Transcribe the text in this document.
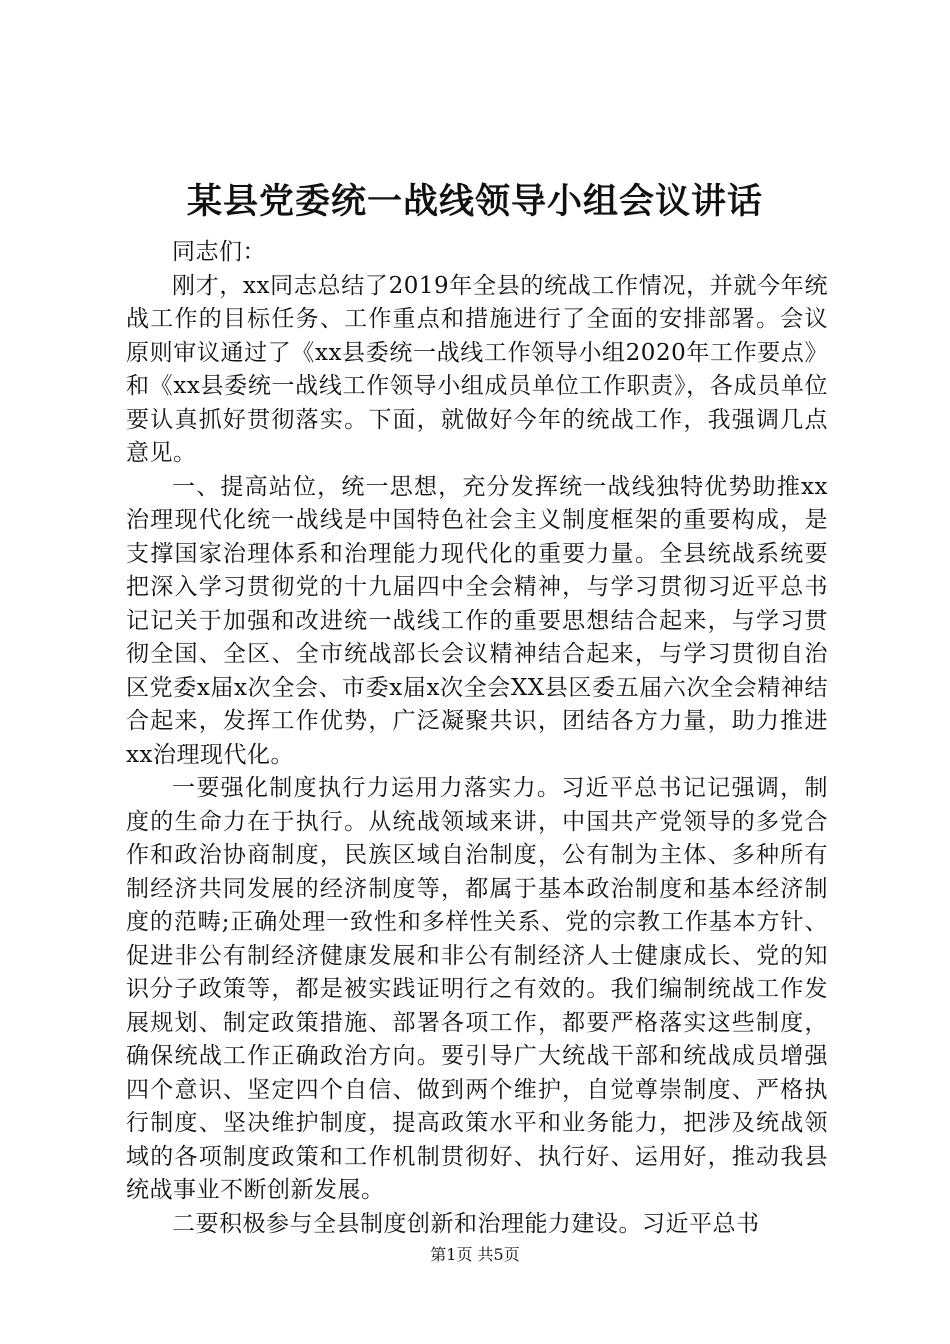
某县党委统一战线领导小组会议讲话

同志们：

刚才，xx同志总结了2019年全县的统战工作情况，并就今年统战工作的目标任务、工作重点和措施进行了全面的安排部署。会议原则审议通过了《xx县委统一战线工作领导小组2020年工作要点》和《xx县委统一战线工作领导小组成员单位工作职责》，各成员单位要认真抓好贯彻落实。下面，就做好今年的统战工作，我强调几点意见。

一、提高站位，统一思想，充分发挥统一战线独特优势助推xx治理现代化统一战线是中国特色社会主义制度框架的重要构成，是支撑国家治理体系和治理能力现代化的重要力量。全县统战系统要把深入学习贯彻党的十九届四中全会精神，与学习贯彻习近平总书记记关于加强和改进统一战线工作的重要思想结合起来，与学习贯彻全国、全区、全市统战部长会议精神结合起来，与学习贯彻自治区党委x届x次全会、市委x届x次全会XX县区委五届六次全会精神结合起来，发挥工作优势，广泛凝聚共识，团结各方力量，助力推进xx治理现代化。

一要强化制度执行力运用力落实力。习近平总书记记强调，制度的生命力在于执行。从统战领域来讲，中国共产党领导的多党合作和政治协商制度，民族区域自治制度，公有制为主体、多种所有制经济共同发展的经济制度等，都属于基本政治制度和基本经济制度的范畴;正确处理一致性和多样性关系、党的宗教工作基本方针、促进非公有制经济健康发展和非公有制经济人士健康成长、党的知识分子政策等，都是被实践证明行之有效的。我们编制统战工作发展规划、制定政策措施、部署各项工作，都要严格落实这些制度，确保统战工作正确政治方向。要引导广大统战干部和统战成员增强四个意识、坚定四个自信、做到两个维护，自觉尊崇制度、严格执行制度、坚决维护制度，提高政策水平和业务能力，把涉及统战领域的各项制度政策和工作机制贯彻好、执行好、运用好，推动我县统战事业不断创新发展。

二要积极参与全县制度创新和治理能力建设。习近平总书

第1页 共5页
